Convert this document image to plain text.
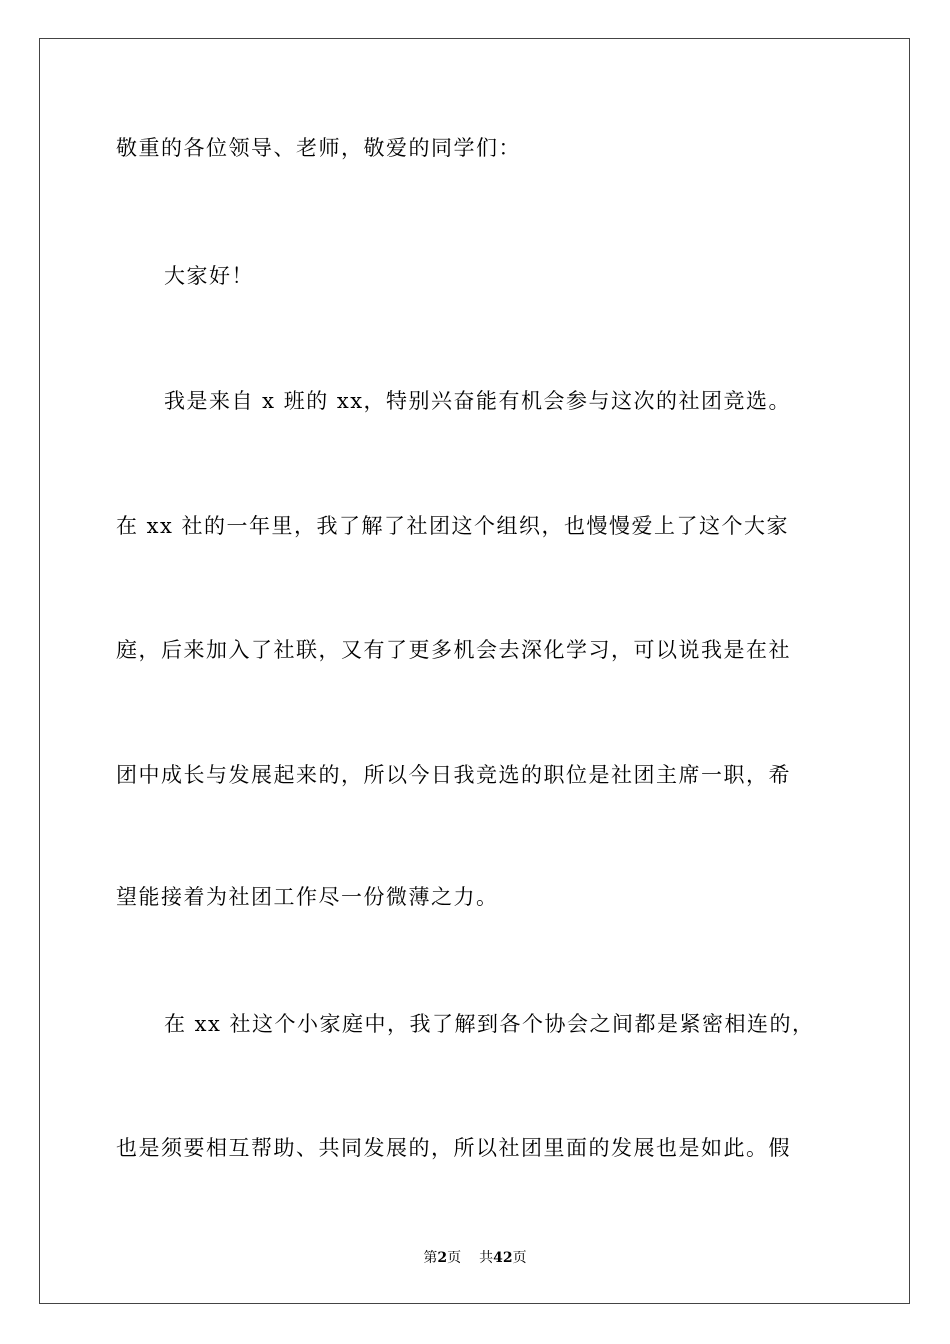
敬重的各位领导、老师，敬爱的同学们：
大家好！
我是来自 x 班的 xx，特别兴奋能有机会参与这次的社团竞选。
在 xx 社的一年里，我了解了社团这个组织，也慢慢爱上了这个大家
庭，后来加入了社联，又有了更多机会去深化学习，可以说我是在社
团中成长与发展起来的，所以今日我竞选的职位是社团主席一职，希
望能接着为社团工作尽一份微薄之力。
在 xx 社这个小家庭中，我了解到各个协会之间都是紧密相连的，
也是须要相互帮助、共同发展的，所以社团里面的发展也是如此。假
第2页 共42页
